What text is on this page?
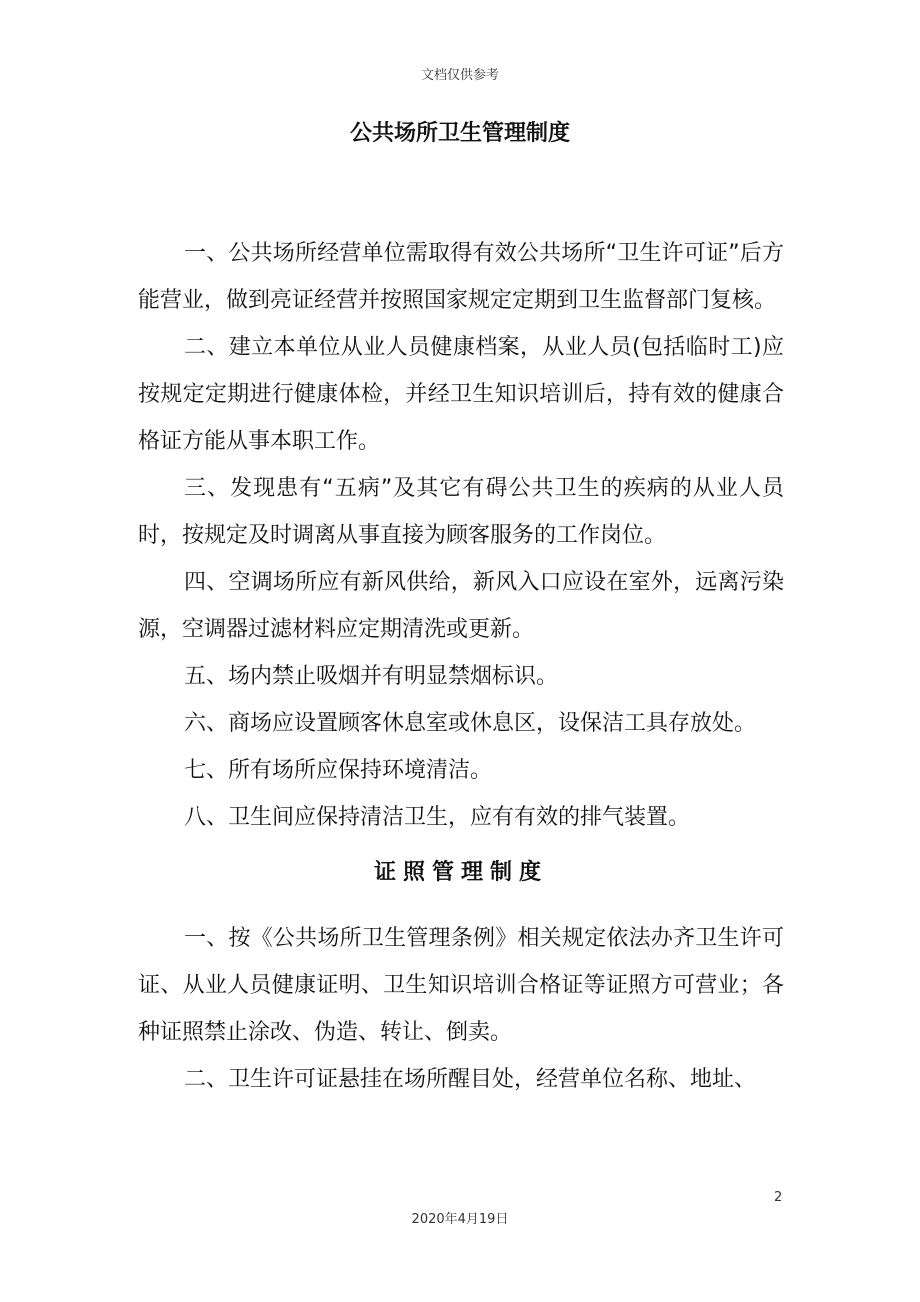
文档仅供参考
公共场所卫生管理制度

一、公共场所经营单位需取得有效公共场所“卫生许可证”后方能营业，做到亮证经营并按照国家规定定期到卫生监督部门复核。

二、建立本单位从业人员健康档案，从业人员(包括临时工)应按规定定期进行健康体检，并经卫生知识培训后，持有效的健康合格证方能从事本职工作。

三、发现患有“五病”及其它有碍公共卫生的疾病的从业人员时，按规定及时调离从事直接为顾客服务的工作岗位。

四、空调场所应有新风供给，新风入口应设在室外，远离污染源，空调器过滤材料应定期清洗或更新。

五、场内禁止吸烟并有明显禁烟标识。

六、商场应设置顾客休息室或休息区，设保洁工具存放处。

七、所有场所应保持环境清洁。

八、卫生间应保持清洁卫生，应有有效的排气装置。

证照管理制度

一、按《公共场所卫生管理条例》相关规定依法办齐卫生许可证、从业人员健康证明、卫生知识培训合格证等证照方可营业；各种证照禁止涂改、伪造、转让、倒卖。

二、卫生许可证悬挂在场所醒目处，经营单位名称、地址、

2
2020年4月19日
